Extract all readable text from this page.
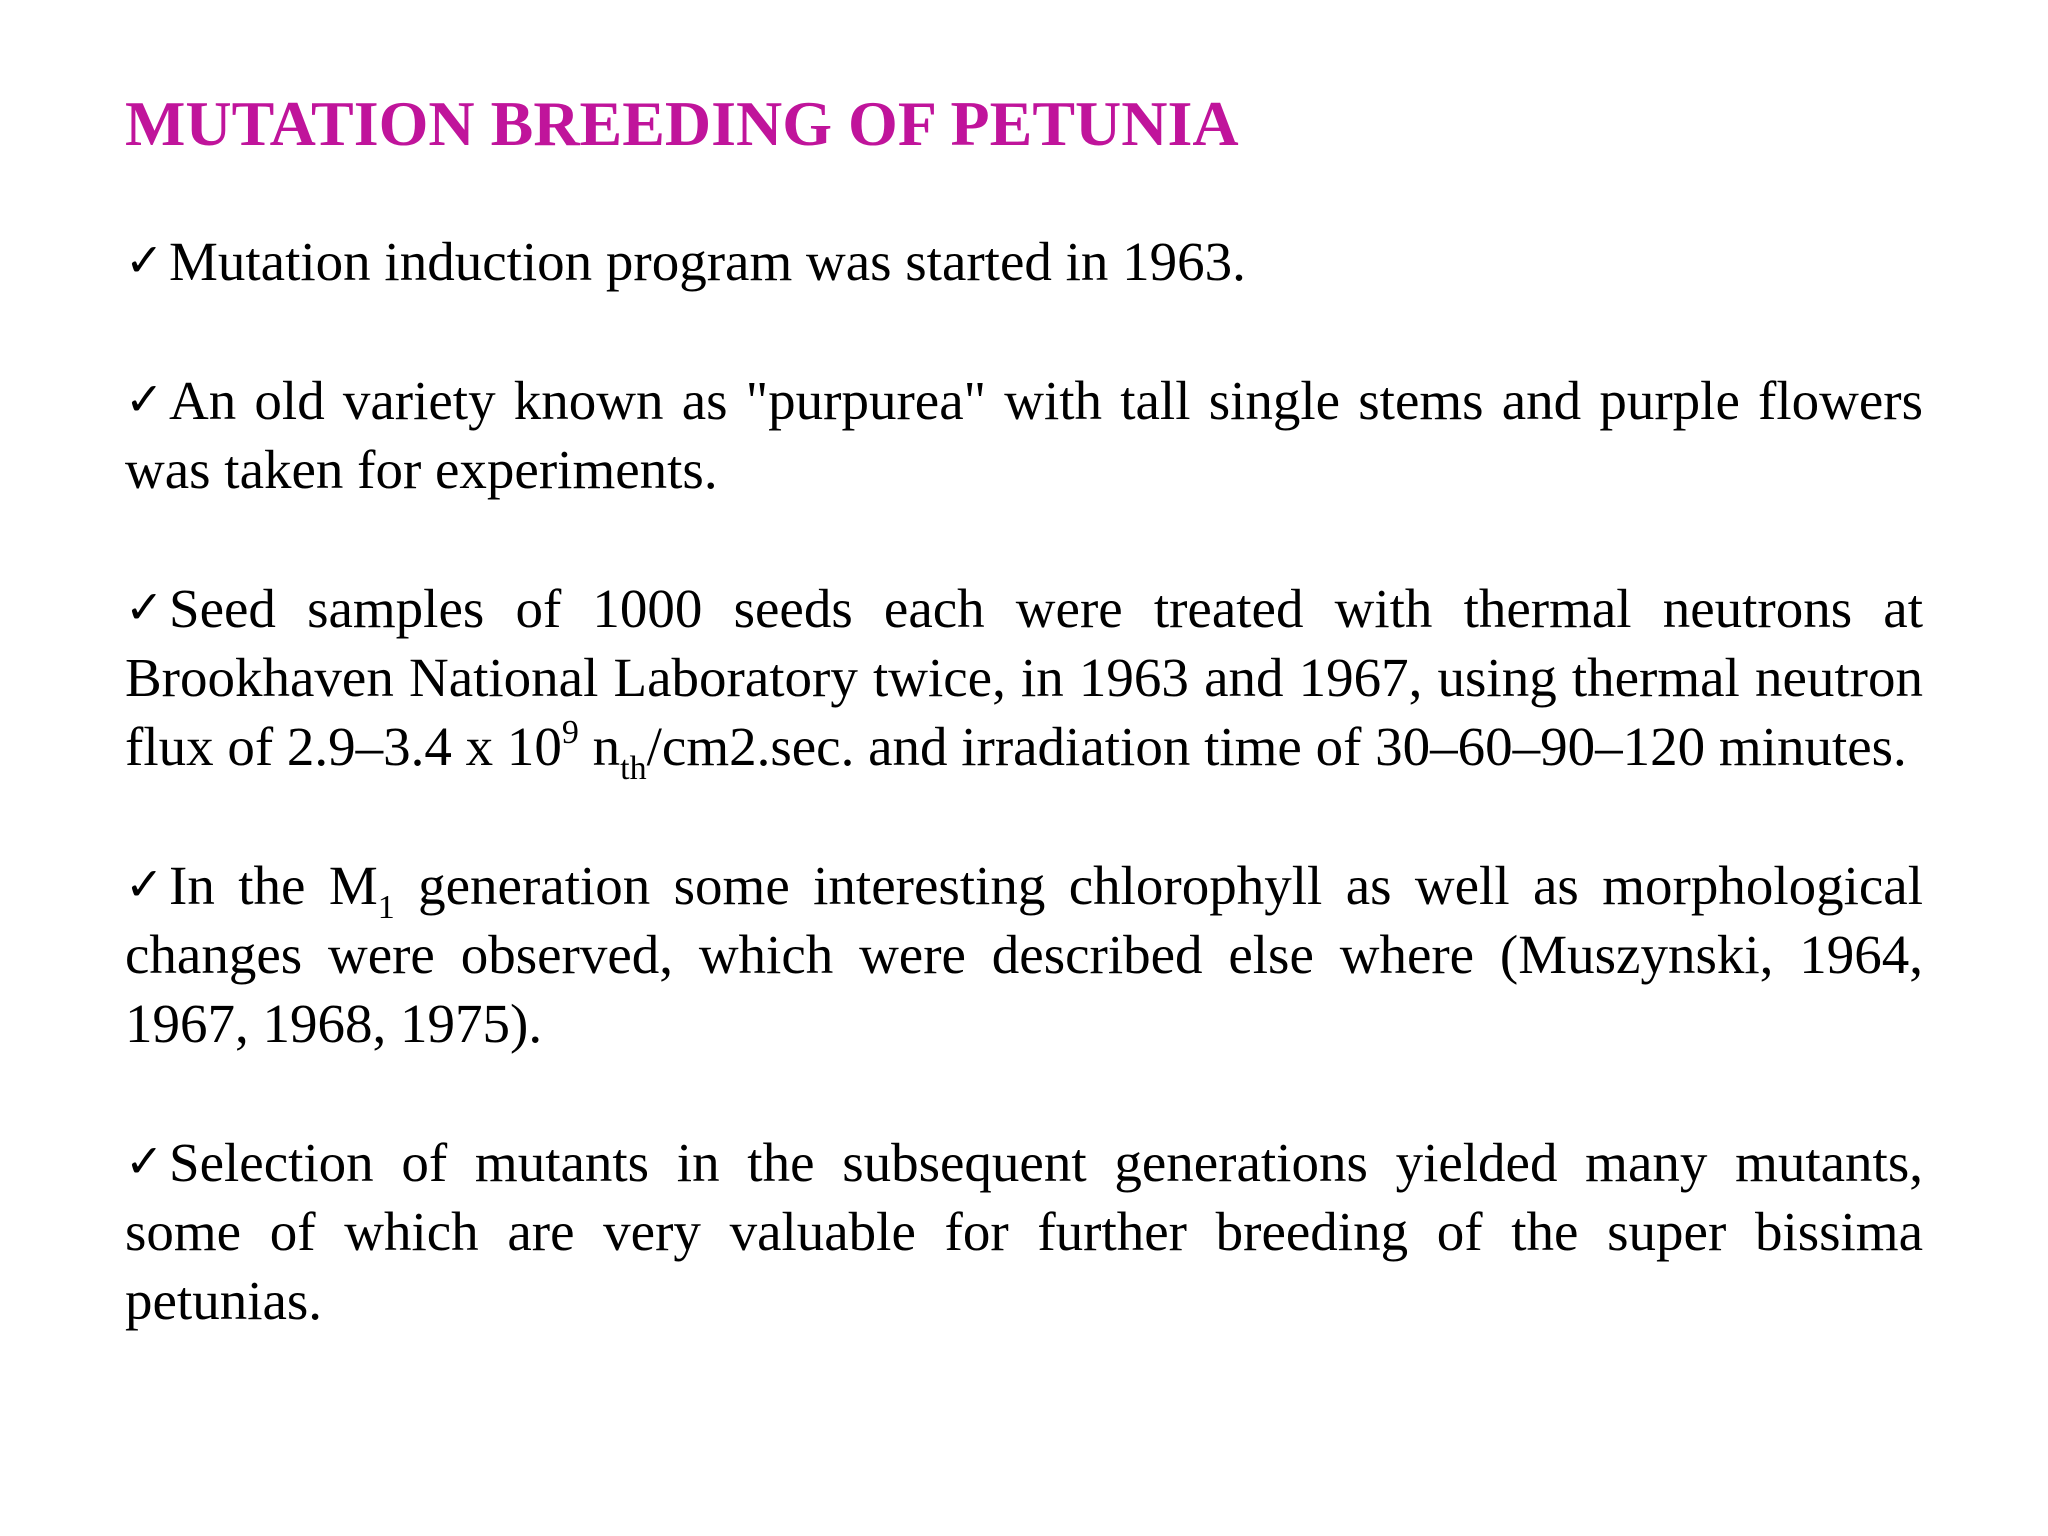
MUTATION BREEDING OF PETUNIA
✓Mutation induction program was started in 1963.
✓An old variety known as "purpurea" with tall single stems and purple flowers was taken for experiments.
✓Seed samples of 1000 seeds each were treated with thermal neutrons at Brookhaven National Laboratory twice, in 1963 and 1967, using thermal neutron flux of 2.9–3.4 x $10^9$ $n_{th}/cm2.\sec$. and irradiation time of 30–60–90–120 minutes.
✓In the $M_1$ generation some interesting chlorophyll as well as morphological changes were observed, which were described else where (Muszynski, 1964, 1967, 1968, 1975).
✓Selection of mutants in the subsequent generations yielded many mutants, some of which are very valuable for further breeding of the super bissima petunias.
